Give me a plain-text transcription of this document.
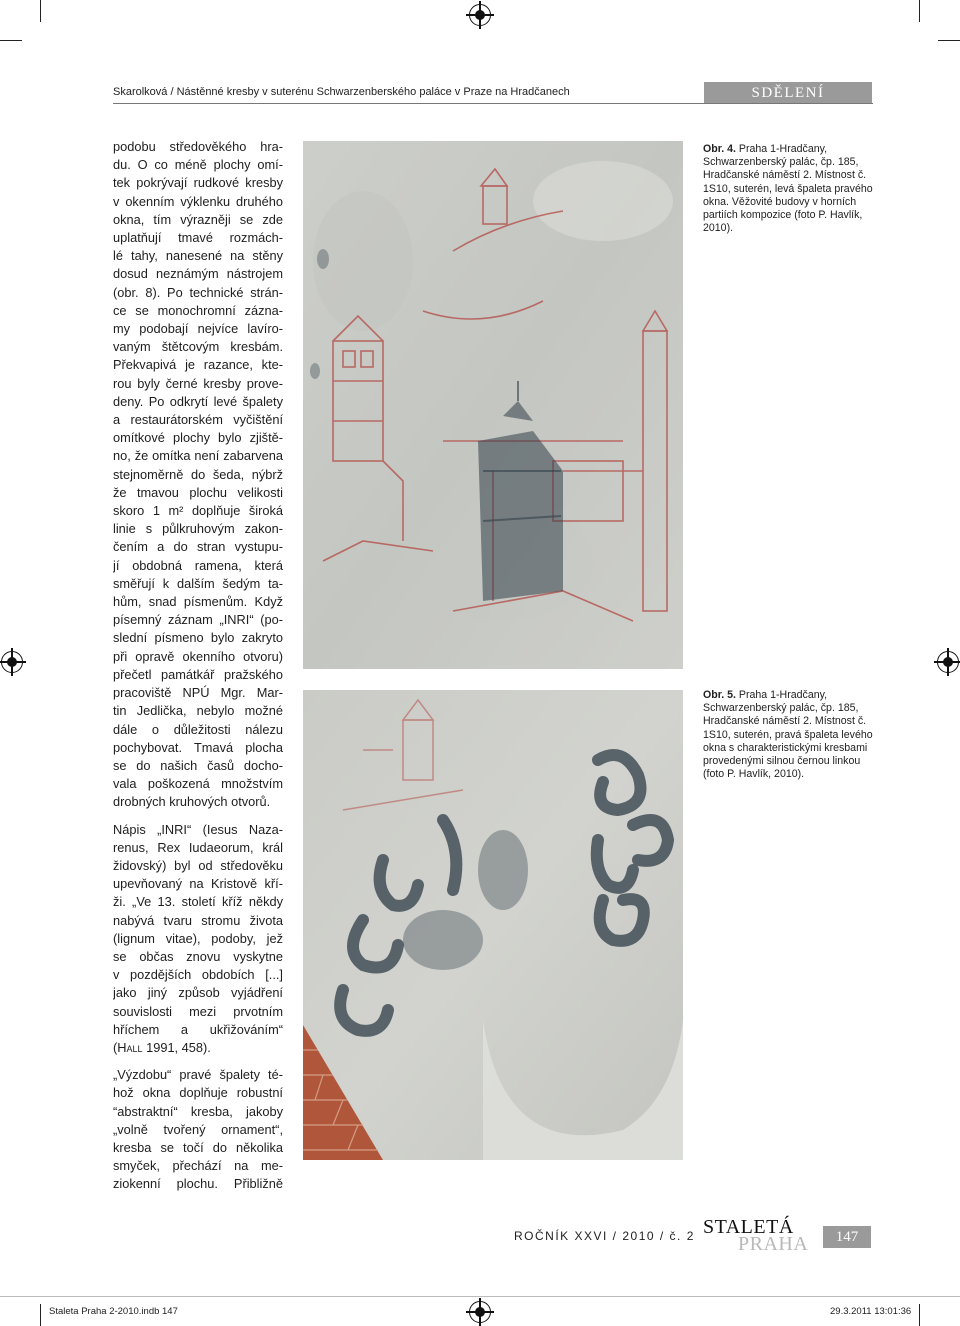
Skarolková / Nástěnné kresby v suterénu Schwarzenberského paláce v Praze na Hradčanech	SDĚLENÍ

podobu středověkého hra-
du. O co méně plochy omí-
tek pokrývají rudkové kresby
v okenním výklenku druhého
okna, tím výrazněji se zde
uplatňují tmavé rozmách-
lé tahy, nanesené na stěny
dosud neznámým nástrojem
(obr. 8). Po technické strán-
ce se monochromní zázna-
my podobají nejvíce lavíro-
vaným štětcovým kresbám.
Překvapivá je razance, kte-
rou byly černé kresby prove-
deny. Po odkrytí levé špalety
a restaurátorském vyčištění
omítkové plochy bylo zjiště-
no, že omítka není zabarvena
stejnoměrně do šeda, nýbrž
že tmavou plochu velikosti
skoro 1 m² doplňuje široká
linie s půlkruhovým zakon-
čením a do stran vystupu-
jí obdobná ramena, která
směřují k dalším šedým ta-
hům, snad písmenům. Když
písemný záznam „INRI“ (po-
slední písmeno bylo zakryto
při opravě okenního otvoru)
přečetl památkář pražského
pracoviště NPÚ Mgr. Mar-
tin Jedlička, nebylo možné
dále o důležitosti nálezu
pochybovat. Tmavá plocha
se do našich časů docho-
vala poškozená množstvím
drobných kruhových otvorů.

Nápis „INRI“ (Iesus Naza-
renus, Rex Iudaeorum, král
židovský) byl od středověku
upevňovaný na Kristově kří-
ži. „Ve 13. století kříž někdy
nabývá tvaru stromu života
(lignum vitae), podoby, jež
se občas znovu vyskytne
v pozdějších obdobích [...]
jako jiný způsob vyjádření
souvislosti mezi prvotním
hříchem a ukřižováním“
(Hall 1991, 458).

„Výzdobu“ pravé špalety té-
hož okna doplňuje robustní
“abstraktní“ kresba, jakoby
„volně tvořený ornament“,
kresba se točí do několika
smyček, přechází na me-
ziokenní plochu. Přibližně

Obr. 4. Praha 1-Hradčany, Schwarzenberský palác, čp. 185, Hradčanské náměstí 2. Místnost č. 1S10, suterén, levá špaleta pravého okna. Věžovité budovy v horních partiích kompozice (foto P. Havlík, 2010).
Obr. 5. Praha 1-Hradčany, Schwarzenberský palác, čp. 185, Hradčanské náměstí 2. Místnost č. 1S10, suterén, pravá špaleta levého okna s charakteristickými kresbami provedenými silnou černou linkou (foto P. Havlík, 2010).
ROČNÍK XXVI / 2010 / č. 2 STALETÁ
PRAHA	147
Staleta Praha 2-2010.indb 147	29.3.2011 13:01:36
